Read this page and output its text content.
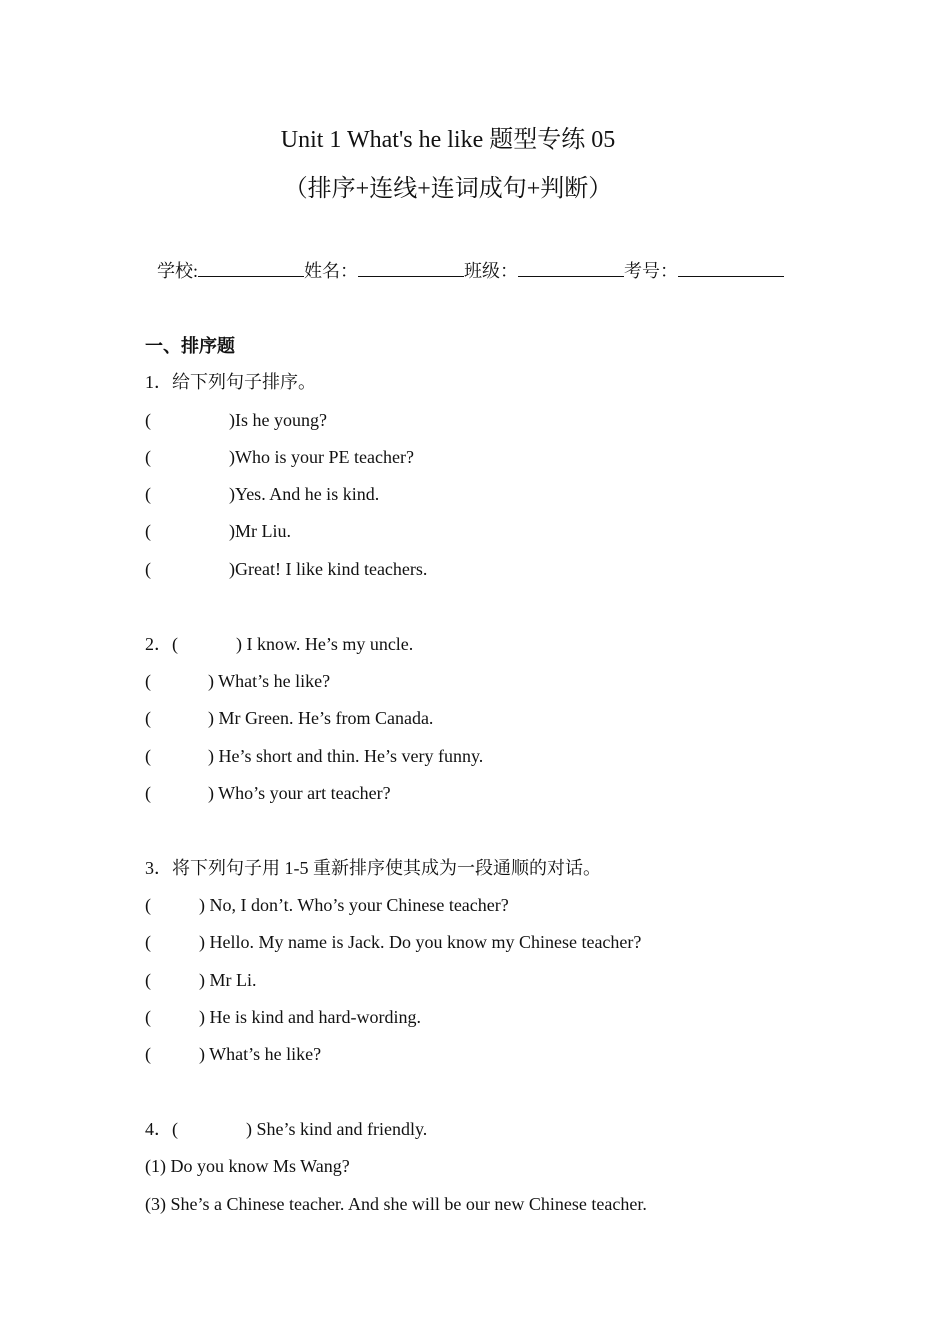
Unit 1 What's he like 题型专练 05
（排序+连线+连词成句+判断）
学校:	姓名：	班级：	考号：
一、排序题
1．给下列句子排序。
(	)Is he young?
(	)Who is your PE teacher?
(	)Yes. And he is kind.
(	)Mr Liu.
(	)Great! I like kind teachers.
2．(	) I know. He’s my uncle.
(	) What’s he like?
(	) Mr Green. He’s from Canada.
(	) He’s short and thin. He’s very funny.
(	) Who’s your art teacher?
3．将下列句子用 1-5 重新排序使其成为一段通顺的对话。
(	) No, I don’t. Who’s your Chinese teacher?
(	) Hello. My name is Jack. Do you know my Chinese teacher?
(	) Mr Li.
(	) He is kind and hard-wording.
(	) What’s he like?
4．(	) She’s kind and friendly.
(1) Do you know Ms Wang?
(3) She’s a Chinese teacher. And she will be our new Chinese teacher.
